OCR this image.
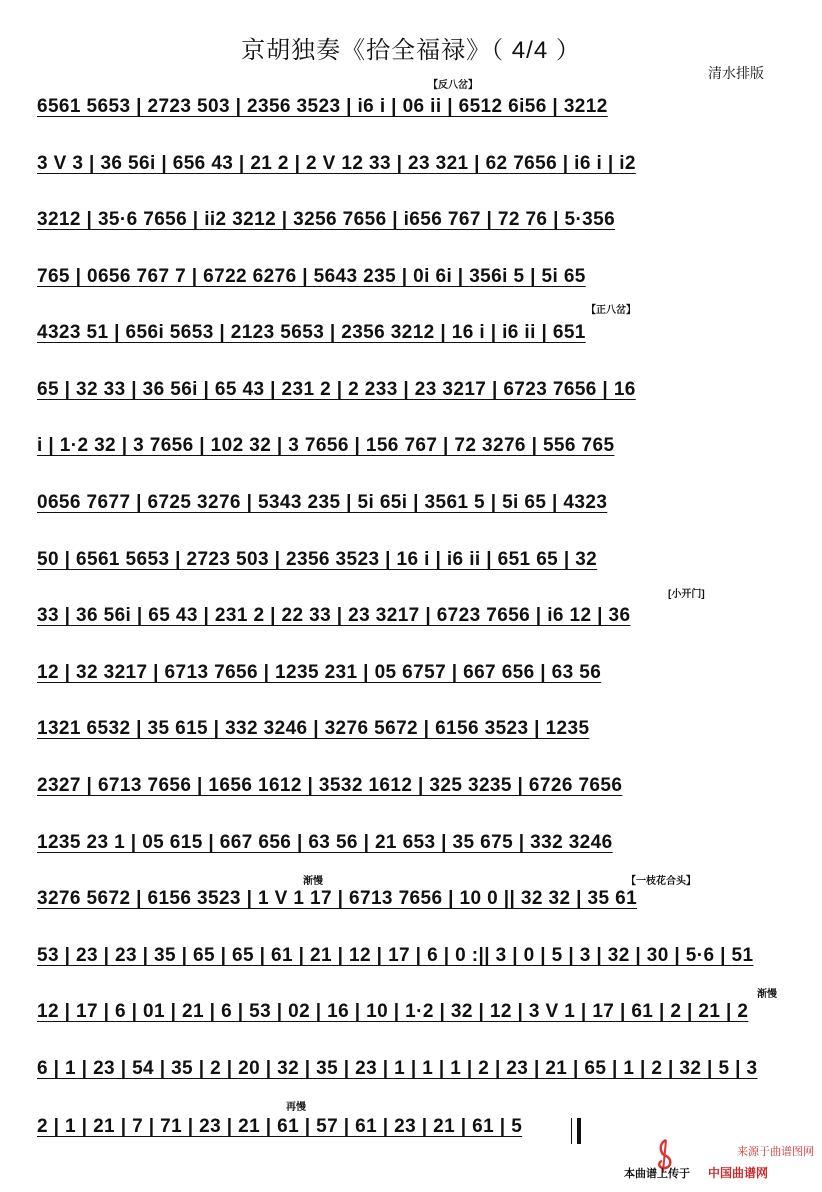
京胡独奏《拾全福禄》（ 4/4 ）
清水排版
【反八岔】
【正八岔】
[小开门]
渐慢	【一枝花合头】
渐慢
再慢
6561 5653 | 2723 503 | 2356 3523 | i6 i | 06 ii | 6512 6i56 | 3212
3 V 3 | 36 56i | 656 43 | 21 2 | 2 V 12 33 | 23 321 | 62 7656 | i6 i | i2
3212 | 35·6 7656 | ii2 3212 | 3256 7656 | i656 767 | 72 76 | 5·356
765 | 0656 767 7 | 6722 6276 | 5643 235 | 0i 6i | 356i 5 | 5i 65
4323 51 | 656i 5653 | 2123 5653 | 2356 3212 | 16 i | i6 ii | 651
65 | 32 33 | 36 56i | 65 43 | 231 2 | 2 233 | 23 3217 | 6723 7656 | 16
i | 1·2 32 | 3 7656 | 102 32 | 3 7656 | 156 767 | 72 3276 | 556 765
0656 7677 | 6725 3276 | 5343 235 | 5i 65i | 3561 5 | 5i 65 | 4323
50 | 6561 5653 | 2723 503 | 2356 3523 | 16 i | i6 ii | 651 65 | 32
33 | 36 56i | 65 43 | 231 2 | 22 33 | 23 3217 | 6723 7656 | i6 12 | 36
12 | 32 3217 | 6713 7656 | 1235 231 | 05 6757 | 667 656 | 63 56
1321 6532 | 35 615 | 332 3246 | 3276 5672 | 6156 3523 | 1235
2327 | 6713 7656 | 1656 1612 | 3532 1612 | 325 3235 | 6726 7656
1235 23 1 | 05 615 | 667 656 | 63 56 | 21 653 | 35 675 | 332 3246
3276 5672 | 6156 3523 | 1 V 1 17 | 6713 7656 | 10 0 || 32 32 | 35 61
53 | 23 | 23 | 35 | 65 | 65 | 61 | 21 | 12 | 17 | 6 | 0 :|| 3 | 0 | 5 | 3 | 32 | 30 | 5·6 | 51
12 | 17 | 6 | 01 | 21 | 6 | 53 | 02 | 16 | 10 | 1·2 | 32 | 12 | 3 V 1 | 17 | 61 | 2 | 21 | 2
6 | 1 | 23 | 54 | 35 | 2 | 20 | 32 | 35 | 23 | 1 | 1 | 1 | 2 | 23 | 21 | 65 | 1 | 2 | 32 | 5 | 3
2 | 1 | 21 | 7 | 71 | 23 | 21 | 61 | 57 | 61 | 23 | 21 | 61 | 5
来源于曲谱图网
本曲谱上传于 中国曲谱网
